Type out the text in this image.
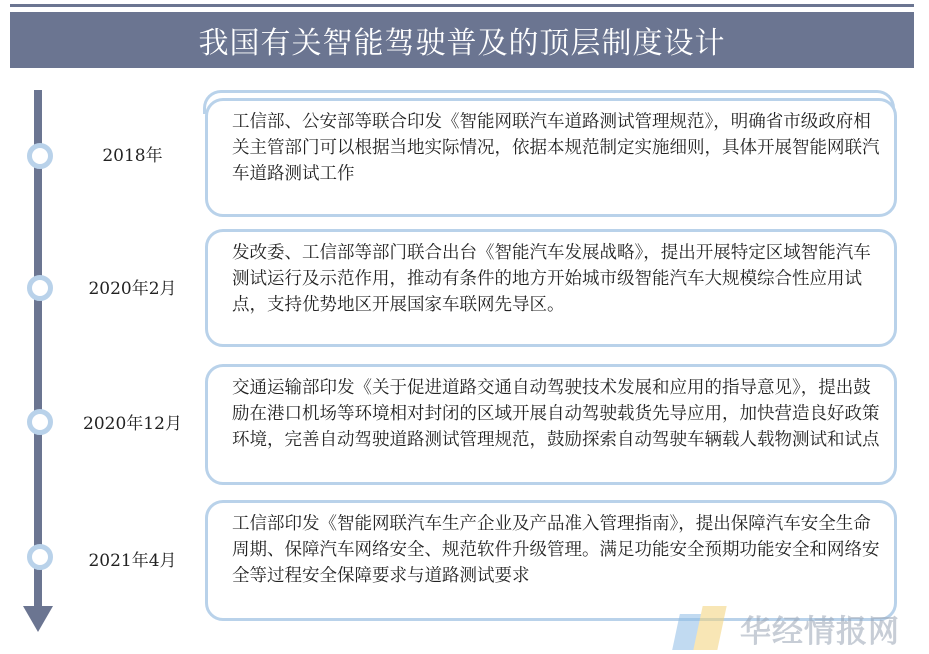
我国有关智能驾驶普及的顶层制度设计
2018年
工信部、公安部等联合印发《智能网联汽车道路测试管理规范》，明确省市级政府相关主管部门可以根据当地实际情况，依据本规范制定实施细则，具体开展智能网联汽车道路测试工作
2020年2月
发改委、工信部等部门联合出台《智能汽车发展战略》，提出开展特定区域智能汽车测试运行及示范作用，推动有条件的地方开始城市级智能汽车大规模综合性应用试点，支持优势地区开展国家车联网先导区。
2020年12月
交通运输部印发《关于促进道路交通自动驾驶技术发展和应用的指导意见》，提出鼓励在港口机场等环境相对封闭的区域开展自动驾驶载货先导应用，加快营造良好政策环境，完善自动驾驶道路测试管理规范，鼓励探索自动驾驶车辆载人载物测试和试点
2021年4月
工信部印发《智能网联汽车生产企业及产品准入管理指南》，提出保障汽车安全生命周期、保障汽车网络安全、规范软件升级管理。满足功能安全预期功能安全和网络安全等过程安全保障要求与道路测试要求
华经情报网
